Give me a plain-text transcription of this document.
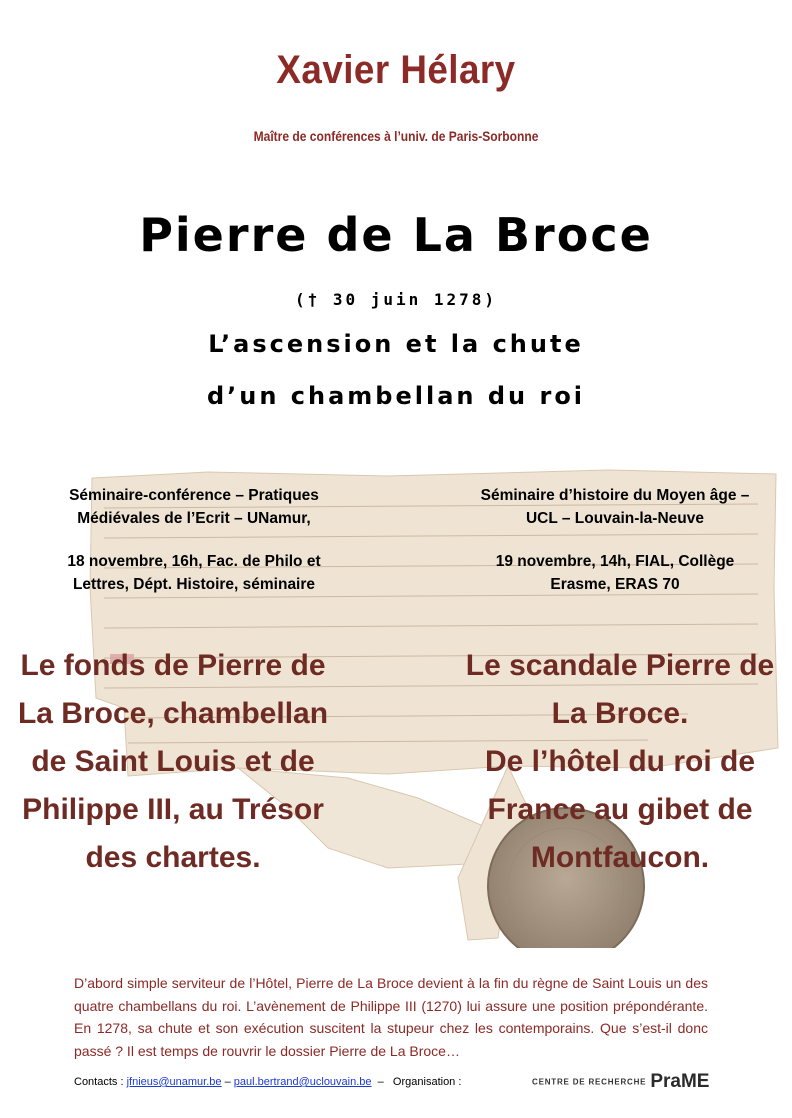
Xavier Hélary
Maître de conférences à l’univ. de Paris-Sorbonne
Pierre de La Broce
(† 30 juin 1278)
L’ascension et la chute
d’un chambellan du roi
Séminaire-conférence – Pratiques
Médiévales de l’Ecrit – UNamur,
18 novembre, 16h, Fac. de Philo et
Lettres, Dépt. Histoire, séminaire
Séminaire d’histoire du Moyen âge –
UCL – Louvain-la-Neuve
19 novembre, 14h, FIAL, Collège
Erasme, ERAS 70
Le fonds de Pierre de
La Broce, chambellan
de Saint Louis et de
Philippe III, au Trésor
des chartes.
Le scandale Pierre de
La Broce.
De l’hôtel du roi de
France au gibet de
Montfaucon.
D’abord simple serviteur de l’Hôtel, Pierre de La Broce devient à la fin du règne de Saint Louis un des quatre chambellans du roi. L’avènement de Philippe III (1270) lui assure une position prépondérante. En 1278, sa chute et son exécution suscitent la stupeur chez les contemporains. Que s’est-il donc passé ? Il est temps de rouvrir le dossier Pierre de La Broce…
Contacts : jfnieus@unamur.be – paul.bertrand@uclouvain.be  –   Organisation :	CENTRE DE RECHERCHE PraME
